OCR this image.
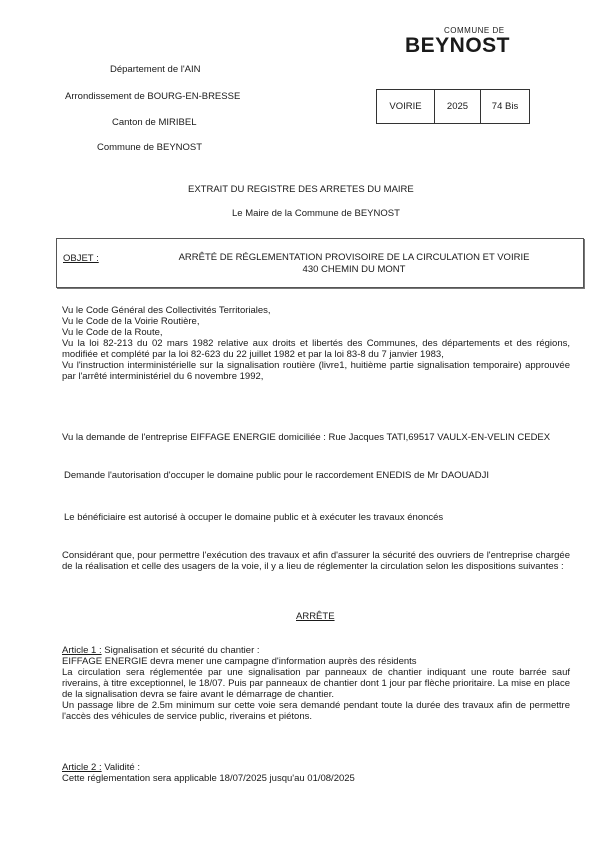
COMMUNE DE
BEYNOST
Département de l'AIN
Arrondissement de BOURG-EN-BRESSE
Canton de MIRIBEL
Commune de BEYNOST
VOIRIE	2025	74 Bis
EXTRAIT DU REGISTRE DES ARRETES DU MAIRE
Le Maire de la Commune de BEYNOST
OBJET :	ARRÊTÉ DE RÉGLEMENTATION PROVISOIRE DE LA CIRCULATION ET VOIRIE
430 CHEMIN DU MONT

Vu le Code Général des Collectivités Territoriales,

Vu le Code de la Voirie Routière,

Vu le Code de la Route,

Vu la loi 82-213 du 02 mars 1982 relative aux droits et libertés des Communes, des départements et des régions, modifiée et complété par la loi 82-623 du 22 juillet 1982 et par la loi 83-8 du 7 janvier 1983,

Vu l'instruction interministérielle sur la signalisation routière (livre1, huitième partie signalisation temporaire) approuvée par l'arrêté interministériel du 6 novembre 1992,

Vu la demande de l'entreprise EIFFAGE ENERGIE domiciliée : Rue Jacques TATI,69517 VAULX-EN-VELIN CEDEX
Demande l'autorisation d'occuper le domaine public pour le raccordement ENEDIS de Mr DAOUADJI
Le bénéficiaire est autorisé à occuper le domaine public et à exécuter les travaux énoncés
Considérant que, pour permettre l'exécution des travaux et afin d'assurer la sécurité des ouvriers de l'entreprise chargée de la réalisation et celle des usagers de la voie, il y a lieu de réglementer la circulation selon les dispositions suivantes :
ARRÊTE

Article 1 : Signalisation et sécurité du chantier :

EIFFAGE ENERGIE devra mener une campagne d'information auprès des résidents

La circulation sera réglementée par une signalisation par panneaux de chantier indiquant une route barrée sauf riverains, à titre exceptionnel, le 18/07. Puis par panneaux de chantier dont 1 jour par flèche prioritaire. La mise en place de la signalisation devra se faire avant le démarrage de chantier.

Un passage libre de 2.5m minimum sur cette voie sera demandé pendant toute la durée des travaux afin de permettre l'accès des véhicules de service public, riverains et piétons.

Article 2 : Validité :

Cette réglementation sera applicable 18/07/2025 jusqu'au 01/08/2025
